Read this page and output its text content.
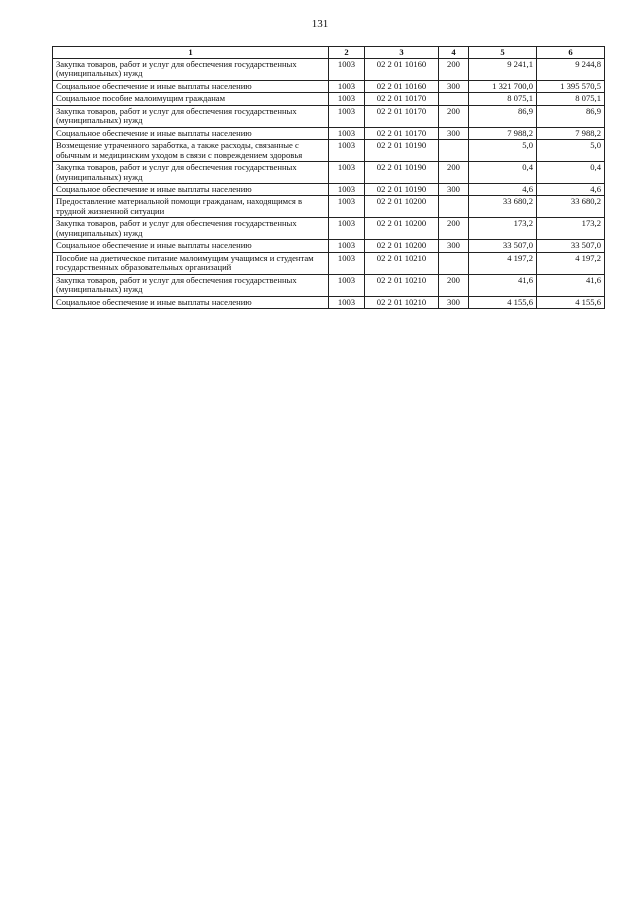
131
1	2	3	4	5	6
Закупка товаров, работ и услуг для обеспечения государственных (муниципальных) нужд	1003	02 2 01 10160	200	9 241,1	9 244,8
Социальное обеспечение и иные выплаты населению	1003	02 2 01 10160	300	1 321 700,0	1 395 570,5
Социальное пособие малоимущим гражданам	1003	02 2 01 10170		8 075,1	8 075,1
Закупка товаров, работ и услуг для обеспечения государственных (муниципальных) нужд	1003	02 2 01 10170	200	86,9	86,9
Социальное обеспечение и иные выплаты населению	1003	02 2 01 10170	300	7 988,2	7 988,2
Возмещение утраченного заработка, а также расходы, связанные с обычным и медицинским уходом в связи с повреждением здоровья	1003	02 2 01 10190		5,0	5,0
Закупка товаров, работ и услуг для обеспечения государственных (муниципальных) нужд	1003	02 2 01 10190	200	0,4	0,4
Социальное обеспечение и иные выплаты населению	1003	02 2 01 10190	300	4,6	4,6
Предоставление материальной помощи гражданам, находящимся в трудной жизненной ситуации	1003	02 2 01 10200		33 680,2	33 680,2
Закупка товаров, работ и услуг для обеспечения государственных (муниципальных) нужд	1003	02 2 01 10200	200	173,2	173,2
Социальное обеспечение и иные выплаты населению	1003	02 2 01 10200	300	33 507,0	33 507,0
Пособие на диетическое питание малоимущим учащимся и студентам государственных образовательных организаций	1003	02 2 01 10210		4 197,2	4 197,2
Закупка товаров, работ и услуг для обеспечения государственных (муниципальных) нужд	1003	02 2 01 10210	200	41,6	41,6
Социальное обеспечение и иные выплаты населению	1003	02 2 01 10210	300	4 155,6	4 155,6
